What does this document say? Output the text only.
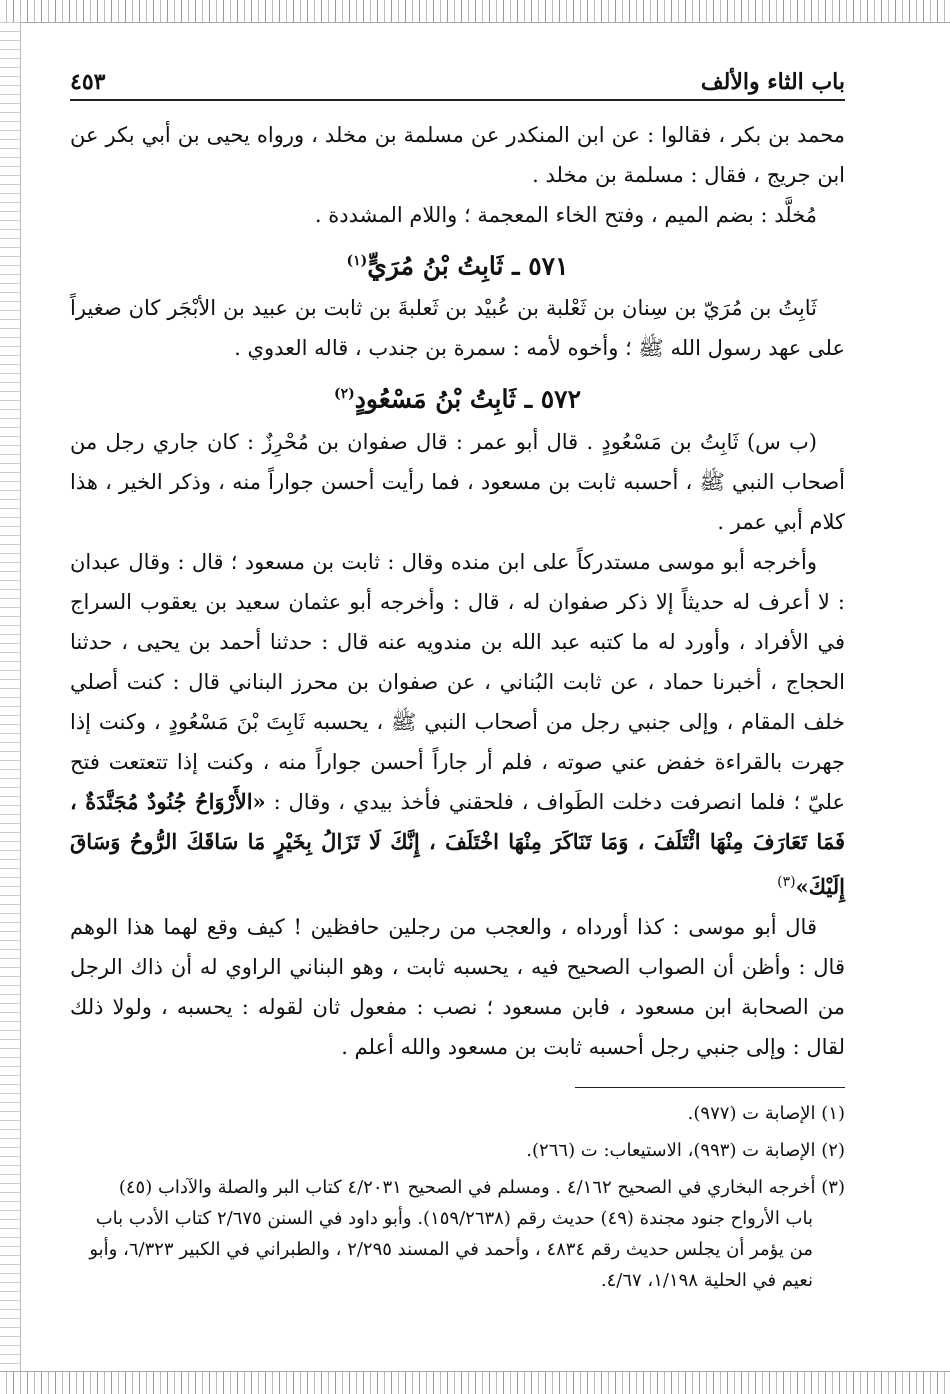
باب الثاء والألف
٤٥٣

محمد بن بكر ، فقالوا : عن ابن المنكدر عن مسلمة بن مخلد ، ورواه يحيى بن أبي بكر عن ابن جريج ، فقال : مسلمة بن مخلد .

مُخلَّد : بضم الميم ، وفتح الخاء المعجمة ؛ واللام المشددة .

٥٧١ ـ ثَابِتُ بْنُ مُرَيٍّ$^{(١)}$

ثَابِتُ بن مُرَيّ بن سِنان بن ثَعْلبة بن عُبيْد بن ثَعلبةَ بن ثابت بن عبيد بن الأبْجَر كان صغيراً على عهد رسول الله ﷺ ؛ وأخوه لأمه : سمرة بن جندب ، قاله العدوي .

٥٧٢ ـ ثَابِتُ بْنُ مَسْعُودٍ$^{(٢)}$

(ب س) ثَابِتُ بن مَسْعُودٍ . قال أبو عمر : قال صفوان بن مُحْرِزٌ : كان جاري رجل من أصحاب النبي ﷺ ، أحسبه ثابت بن مسعود ، فما رأيت أحسن جواراً منه ، وذكر الخير ، هذا كلام أبي عمر .

وأخرجه أبو موسى مستدركاً على ابن منده وقال : ثابت بن مسعود ؛ قال : وقال عبدان : لا أعرف له حديثاً إلا ذكر صفوان له ، قال : وأخرجه أبو عثمان سعيد بن يعقوب السراج في الأفراد ، وأورد له ما كتبه عبد الله بن مندويه عنه قال : حدثنا أحمد بن يحيى ، حدثنا الحجاج ، أخبرنا حماد ، عن ثابت البُناني ، عن صفوان بن محرز البناني قال : كنت أصلي خلف المقام ، وإلى جنبي رجل من أصحاب النبي ﷺ ، يحسبه ثَابِتَ بْنَ مَسْعُودٍ ، وكنت إذا جهرت بالقراءة خفض عني صوته ، فلم أر جاراً أحسن جواراً منه ، وكنت إذا تتعتعت فتح عليّ ؛ فلما انصرفت دخلت الطَواف ، فلحقني فأخذ بيدي ، وقال : «الأَرْوَاحُ جُنُودٌ مُجَنَّدَةٌ ، فَمَا تَعَارَفَ مِنْهَا ائْتَلَفَ ، وَمَا تَنَاكَرَ مِنْهَا اخْتَلَفَ ، إِنَّكَ لَا تَزَالُ بِخَيْرٍ مَا سَاقَكَ الرُّوحُ وَسَاقَ إِلَيْكَ»$^{(٣)}$

قال أبو موسى : كذا أورداه ، والعجب من رجلين حافظين ! كيف وقع لهما هذا الوهم قال : وأظن أن الصواب الصحيح فيه ، يحسبه ثابت ، وهو البناني الراوي له أن ذاك الرجل من الصحابة ابن مسعود ، فابن مسعود ؛ نصب : مفعول ثان لقوله : يحسبه ، ولولا ذلك لقال : وإلى جنبي رجل أحسبه ثابت بن مسعود والله أعلم .

(١) الإصابة ت (٩٧٧).

(٢) الإصابة ت (٩٩٣)، الاستيعاب: ت (٢٦٦).

(٣) أخرجه البخاري في الصحيح ٤/١٦٢ . ومسلم في الصحيح ٤/٢٠٣١ كتاب البر والصلة والآداب (٤٥)

باب الأرواح جنود مجندة (٤٩) حديث رقم (١٥٩/٢٦٣٨). وأبو داود في السنن ٢/٦٧٥ كتاب الأدب باب من يؤمر أن يجلس حديث رقم ٤٨٣٤ ، وأحمد في المسند ٢/٢٩٥ ، والطبراني في الكبير ٦/٣٢٣، وأبو نعيم في الحلية ١/١٩٨، ٤/٦٧.
